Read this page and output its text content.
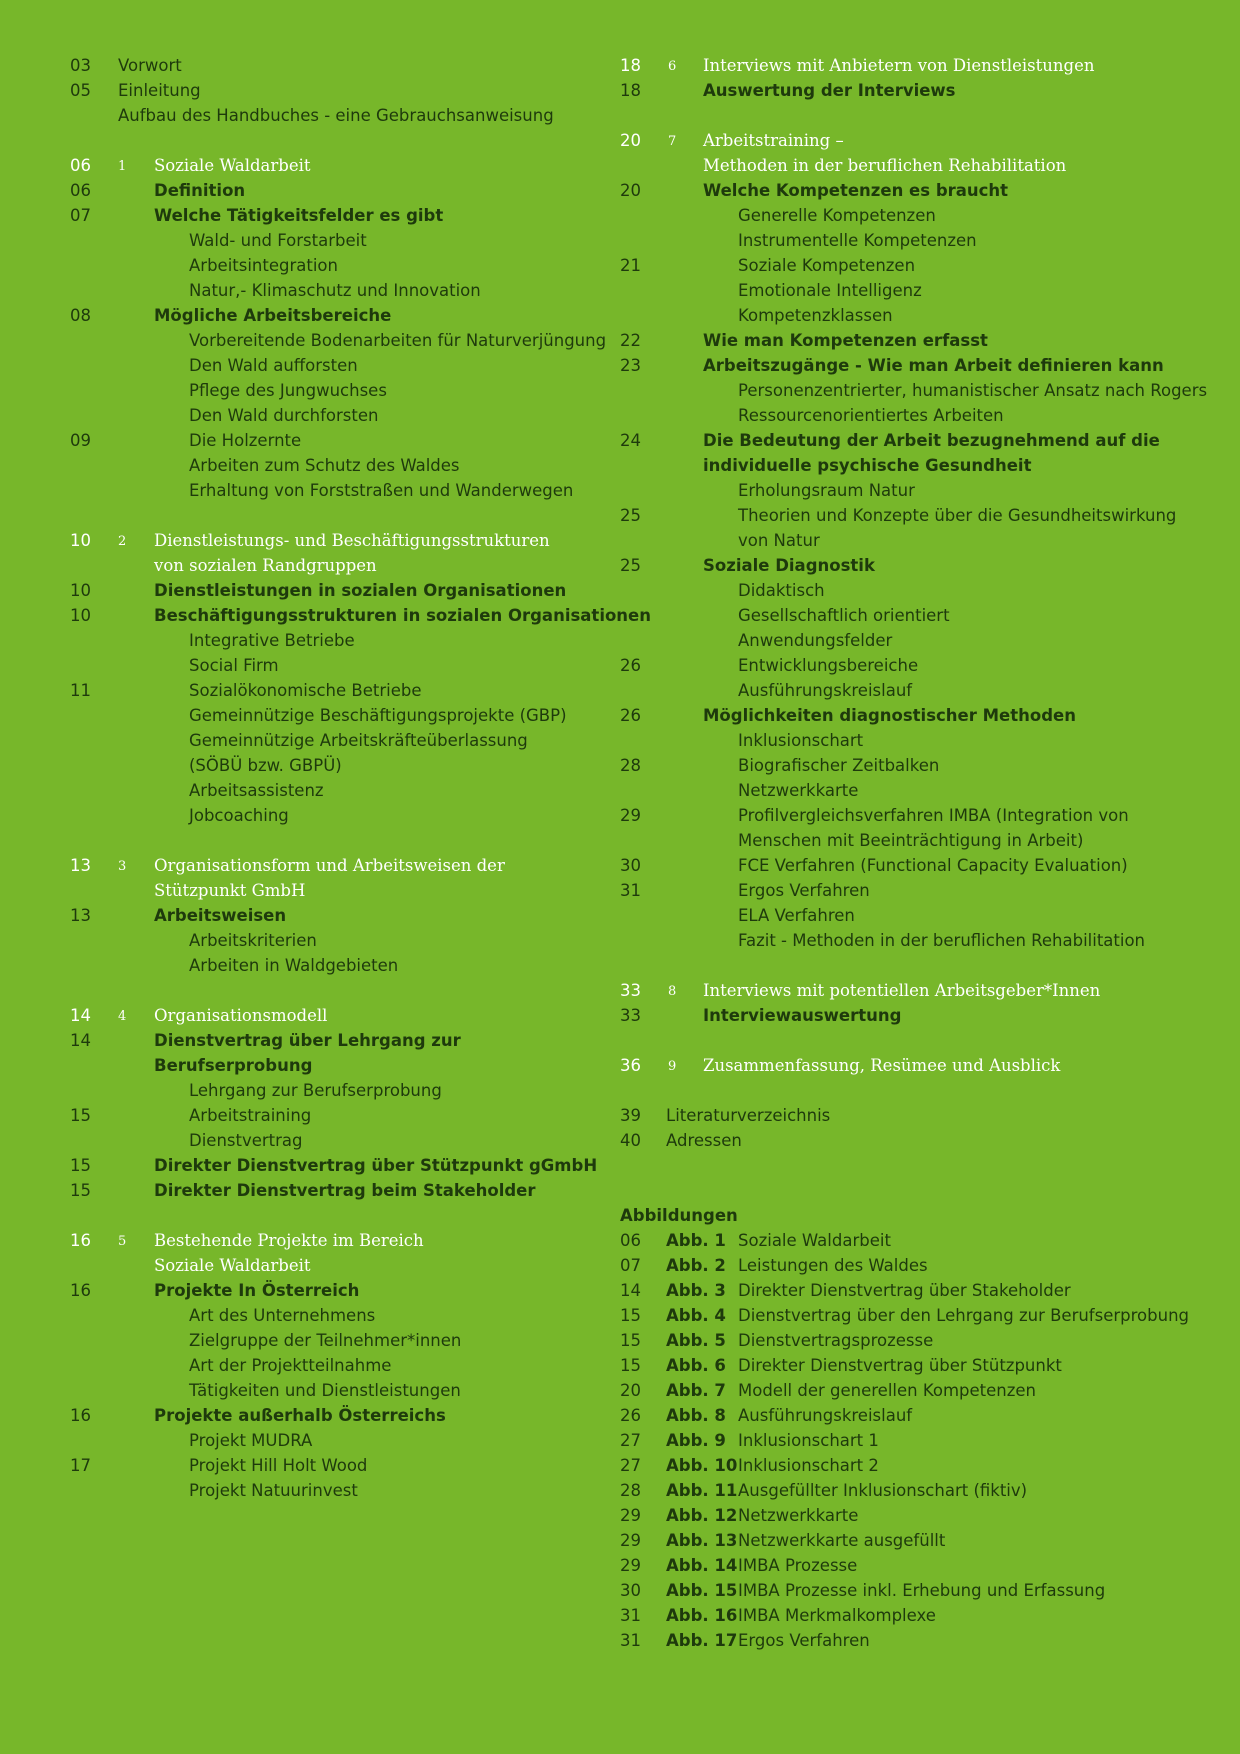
03 Vorwort
05 Einleitung
Aufbau des Handbuches - eine Gebrauchsanweisung
06 1 Soziale Waldarbeit
06	Definition
07	Welche Tätigkeitsfelder es gibt
Wald- und Forstarbeit
Arbeitsintegration
Natur,- Klimaschutz und Innovation
08	Mögliche Arbeitsbereiche
Vorbereitende Bodenarbeiten für Naturverjüngung
Den Wald aufforsten
Pflege des Jungwuchses
Den Wald durchforsten
09	Die Holzernte
Arbeiten zum Schutz des Waldes
Erhaltung von Forststraßen und Wanderwegen
10 2 Dienstleistungs- und Beschäftigungsstrukturen
von sozialen Randgruppen
10	Dienstleistungen in sozialen Organisationen
10	Beschäftigungsstrukturen in sozialen Organisationen
Integrative Betriebe
Social Firm
11	Sozialökonomische Betriebe
Gemeinnützige Beschäftigungsprojekte (GBP)
Gemeinnützige Arbeitskräfteüberlassung
(SÖBÜ bzw. GBPÜ)
Arbeitsassistenz
Jobcoaching
13 3 Organisationsform und Arbeitsweisen der
Stützpunkt GmbH
13	Arbeitsweisen
Arbeitskriterien
Arbeiten in Waldgebieten
14 4 Organisationsmodell
14	Dienstvertrag über Lehrgang zur
Berufserprobung
Lehrgang zur Berufserprobung
15	Arbeitstraining
Dienstvertrag
15	Direkter Dienstvertrag über Stützpunkt gGmbH
15	Direkter Dienstvertrag beim Stakeholder
16 5 Bestehende Projekte im Bereich
Soziale Waldarbeit
16	Projekte In Österreich
Art des Unternehmens
Zielgruppe der Teilnehmer*innen
Art der Projektteilnahme
Tätigkeiten und Dienstleistungen
16	Projekte außerhalb Österreichs
Projekt MUDRA
17	Projekt Hill Holt Wood
Projekt Natuurinvest
18 6 Interviews mit Anbietern von Dienstleistungen
18	Auswertung der Interviews
20 7 Arbeitstraining –
Methoden in der beruflichen Rehabilitation
20	Welche Kompetenzen es braucht
Generelle Kompetenzen
Instrumentelle Kompetenzen
21	Soziale Kompetenzen
Emotionale Intelligenz
Kompetenzklassen
22	Wie man Kompetenzen erfasst
23	Arbeitszugänge - Wie man Arbeit definieren kann
Personenzentrierter, humanistischer Ansatz nach Rogers
Ressourcenorientiertes Arbeiten
24	Die Bedeutung der Arbeit bezugnehmend auf die
individuelle psychische Gesundheit
Erholungsraum Natur
25	Theorien und Konzepte über die Gesundheitswirkung
von Natur
25	Soziale Diagnostik
Didaktisch
Gesellschaftlich orientiert
Anwendungsfelder
26	Entwicklungsbereiche
Ausführungskreislauf
26	Möglichkeiten diagnostischer Methoden
Inklusionschart
28	Biografischer Zeitbalken
Netzwerkkarte
29	Profilvergleichsverfahren IMBA (Integration von
Menschen mit Beeinträchtigung in Arbeit)
30	FCE Verfahren (Functional Capacity Evaluation)
31	Ergos Verfahren
ELA Verfahren
Fazit - Methoden in der beruflichen Rehabilitation
33 8 Interviews mit potentiellen Arbeitsgeber*Innen
33	Interviewauswertung
36 9 Zusammenfassung, Resümee und Ausblick
39 Literaturverzeichnis
40 Adressen
Abbildungen
06 Abb. 1 Soziale Waldarbeit
07 Abb. 2 Leistungen des Waldes
14 Abb. 3 Direkter Dienstvertrag über Stakeholder
15 Abb. 4 Dienstvertrag über den Lehrgang zur Berufserprobung
15 Abb. 5 Dienstvertragsprozesse
15 Abb. 6 Direkter Dienstvertrag über Stützpunkt
20 Abb. 7 Modell der generellen Kompetenzen
26 Abb. 8 Ausführungskreislauf
27 Abb. 9 Inklusionschart 1
27 Abb. 10 Inklusionschart 2
28 Abb. 11 Ausgefüllter Inklusionschart (fiktiv)
29 Abb. 12 Netzwerkkarte
29 Abb. 13 Netzwerkkarte ausgefüllt
29 Abb. 14 IMBA Prozesse
30 Abb. 15 IMBA Prozesse inkl. Erhebung und Erfassung
31 Abb. 16 IMBA Merkmalkomplexe
31 Abb. 17 Ergos Verfahren
